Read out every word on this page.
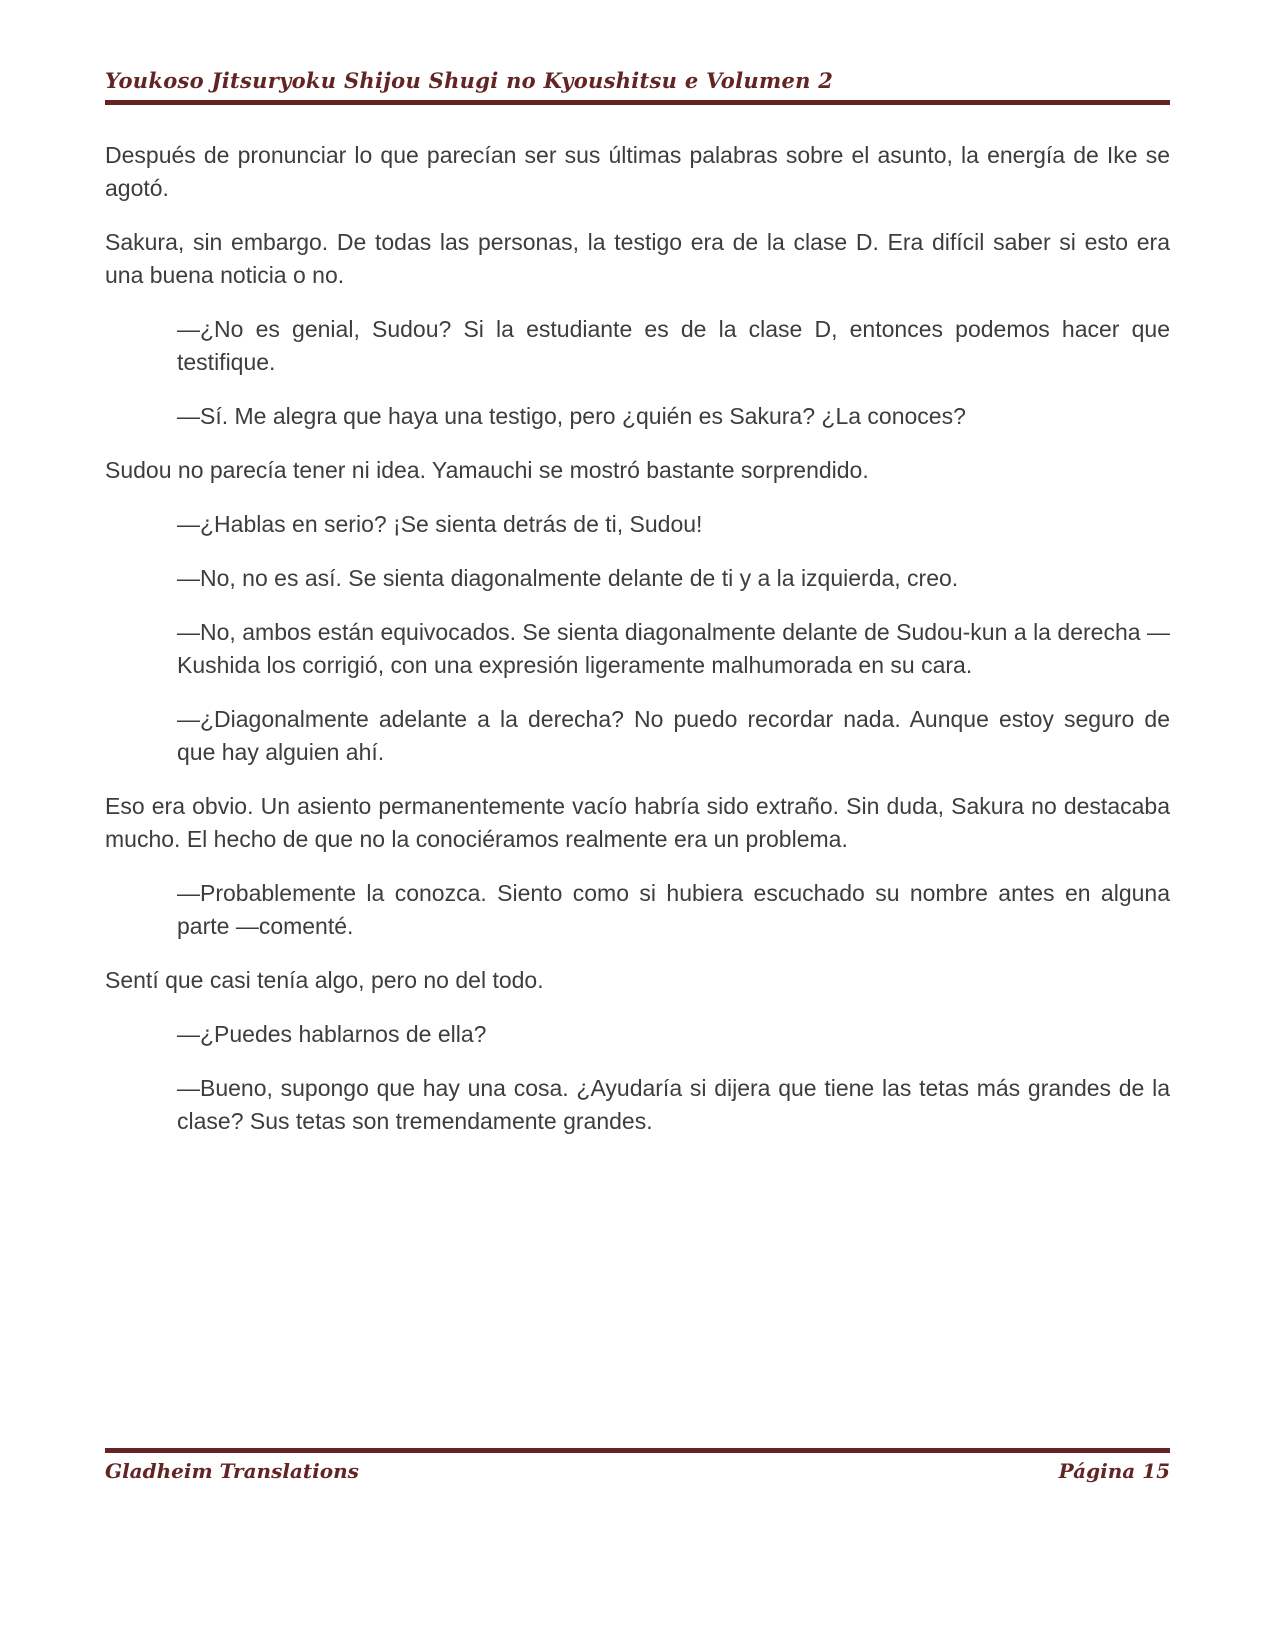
Youkoso Jitsuryoku Shijou Shugi no Kyoushitsu e Volumen 2

Después de pronunciar lo que parecían ser sus últimas palabras sobre el asunto, la energía de Ike se agotó.

Sakura, sin embargo. De todas las personas, la testigo era de la clase D. Era difícil saber si esto era una buena noticia o no.

—¿No es genial, Sudou? Si la estudiante es de la clase D, entonces podemos hacer que testifique.

—Sí. Me alegra que haya una testigo, pero ¿quién es Sakura? ¿La conoces?

Sudou no parecía tener ni idea. Yamauchi se mostró bastante sorprendido.

—¿Hablas en serio? ¡Se sienta detrás de ti, Sudou!

—No, no es así. Se sienta diagonalmente delante de ti y a la izquierda, creo.

—No, ambos están equivocados. Se sienta diagonalmente delante de Sudou-kun a la derecha —Kushida los corrigió, con una expresión ligeramente malhumorada en su cara.

—¿Diagonalmente adelante a la derecha? No puedo recordar nada. Aunque estoy seguro de que hay alguien ahí.

Eso era obvio. Un asiento permanentemente vacío habría sido extraño. Sin duda, Sakura no destacaba mucho. El hecho de que no la conociéramos realmente era un problema.

—Probablemente la conozca. Siento como si hubiera escuchado su nombre antes en alguna parte —comenté.

Sentí que casi tenía algo, pero no del todo.

—¿Puedes hablarnos de ella?

—Bueno, supongo que hay una cosa. ¿Ayudaría si dijera que tiene las tetas más grandes de la clase? Sus tetas son tremendamente grandes.

Gladheim Translations	Página 15
